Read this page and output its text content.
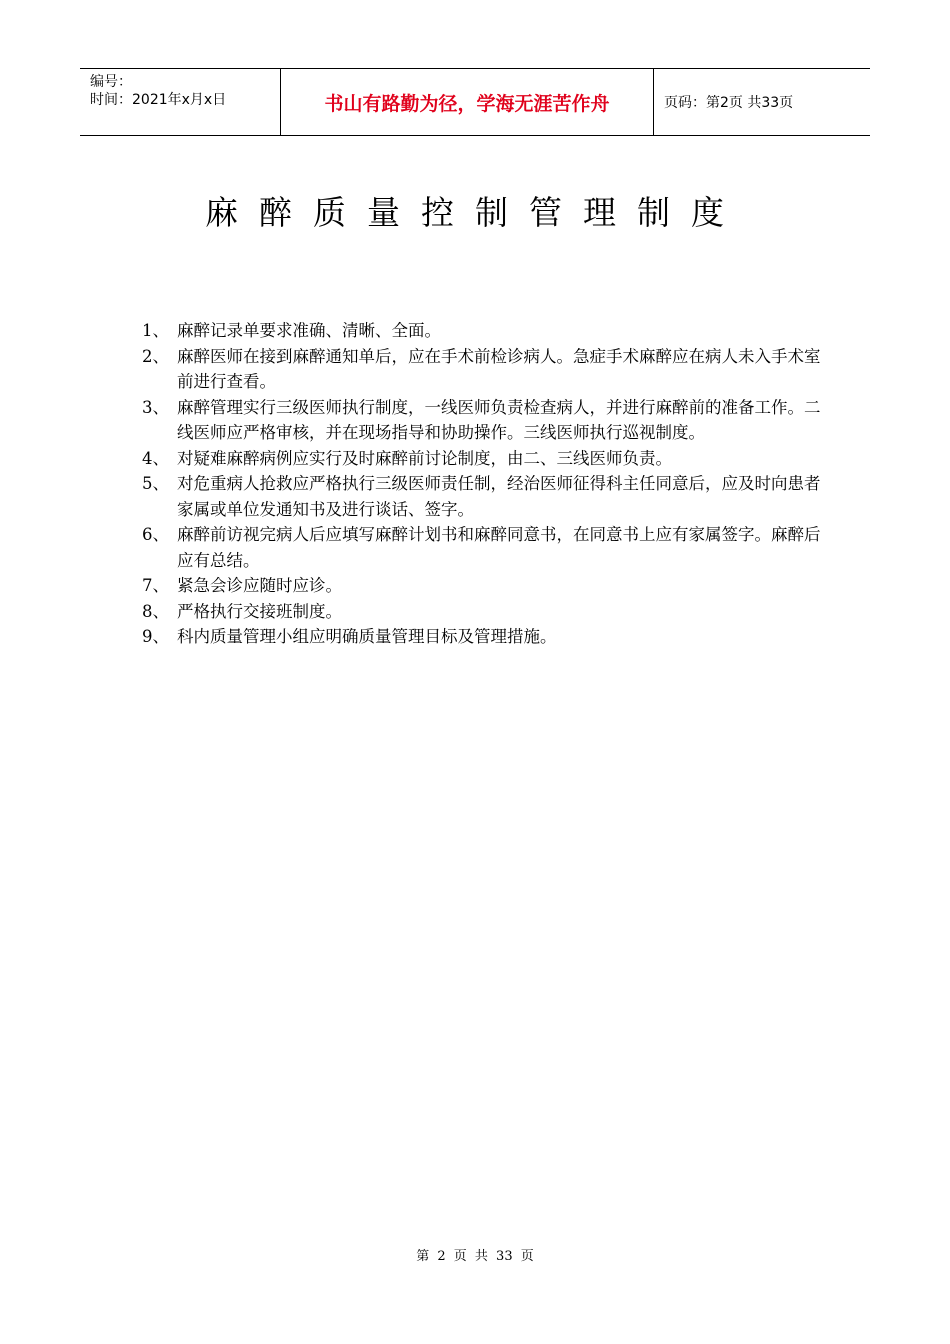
编号：
时间：2021年x月x日	书山有路勤为径，学海无涯苦作舟	页码：第2页 共33页
麻醉质量控制管理制度
1、 麻醉记录单要求准确、清晰、全面。
2、 麻醉医师在接到麻醉通知单后，应在手术前检诊病人。急症手术麻醉应在病人未入手术室前进行查看。
3、 麻醉管理实行三级医师执行制度，一线医师负责检查病人，并进行麻醉前的准备工作。二线医师应严格审核，并在现场指导和协助操作。三线医师执行巡视制度。
4、 对疑难麻醉病例应实行及时麻醉前讨论制度，由二、三线医师负责。
5、 对危重病人抢救应严格执行三级医师责任制，经治医师征得科主任同意后，应及时向患者家属或单位发通知书及进行谈话、签字。
6、 麻醉前访视完病人后应填写麻醉计划书和麻醉同意书，在同意书上应有家属签字。麻醉后应有总结。
7、 紧急会诊应随时应诊。
8、 严格执行交接班制度。
9、 科内质量管理小组应明确质量管理目标及管理措施。
第 2 页 共 33 页
